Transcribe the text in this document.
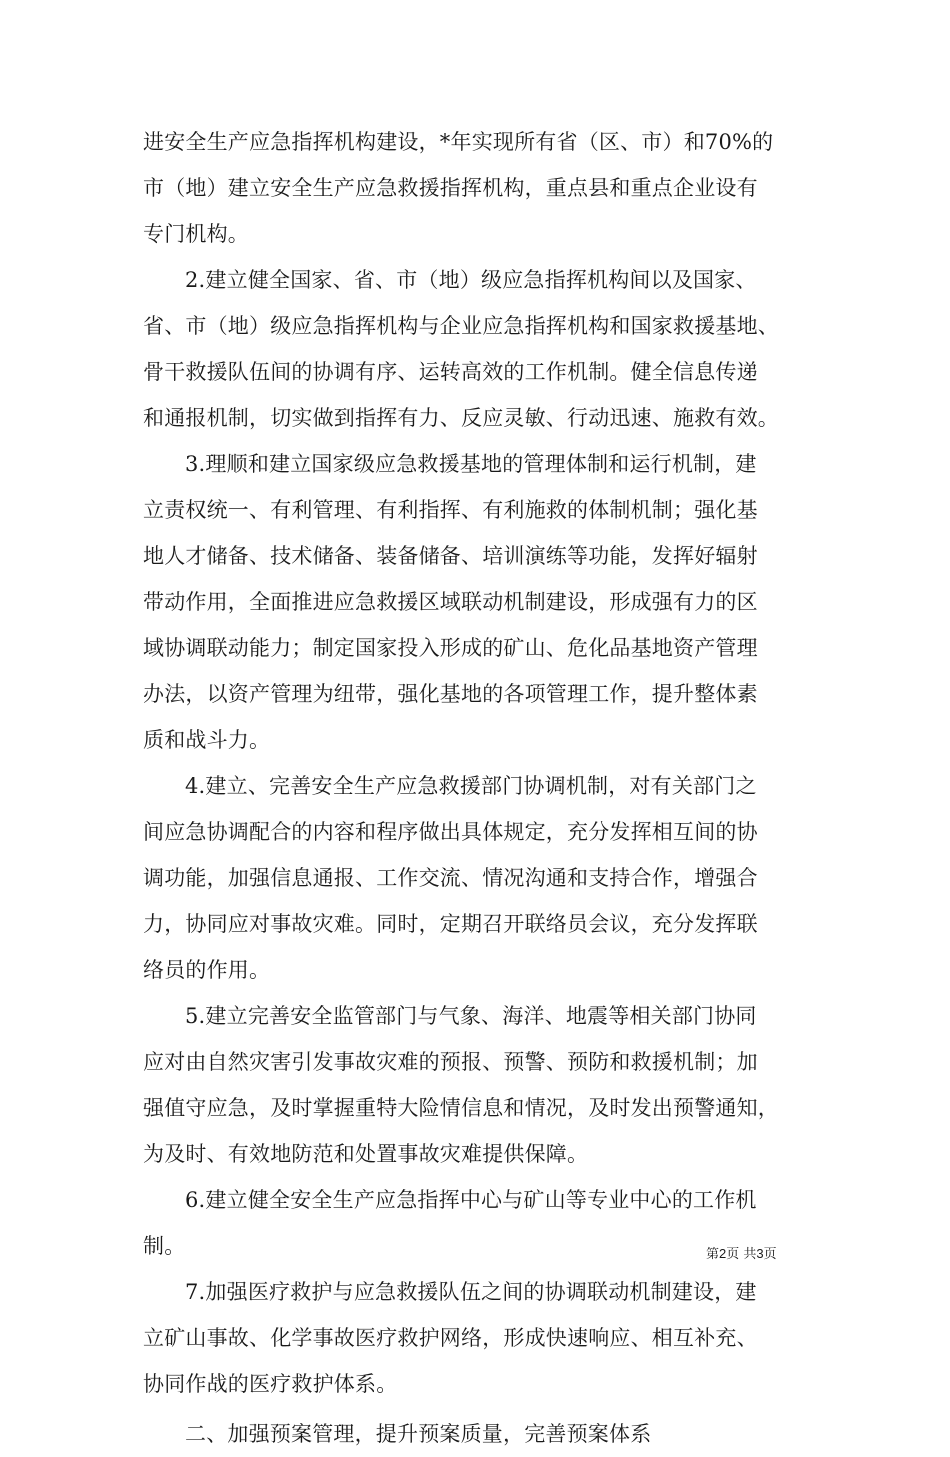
进安全生产应急指挥机构建设，*年实现所有省（区、市）和70%的
市（地）建立安全生产应急救援指挥机构，重点县和重点企业设有
专门机构。
2.建立健全国家、省、市（地）级应急指挥机构间以及国家、
省、市（地）级应急指挥机构与企业应急指挥机构和国家救援基地、
骨干救援队伍间的协调有序、运转高效的工作机制。健全信息传递
和通报机制，切实做到指挥有力、反应灵敏、行动迅速、施救有效。
3.理顺和建立国家级应急救援基地的管理体制和运行机制，建
立责权统一、有利管理、有利指挥、有利施救的体制机制；强化基
地人才储备、技术储备、装备储备、培训演练等功能，发挥好辐射
带动作用，全面推进应急救援区域联动机制建设，形成强有力的区
域协调联动能力；制定国家投入形成的矿山、危化品基地资产管理
办法，以资产管理为纽带，强化基地的各项管理工作，提升整体素
质和战斗力。
4.建立、完善安全生产应急救援部门协调机制，对有关部门之
间应急协调配合的内容和程序做出具体规定，充分发挥相互间的协
调功能，加强信息通报、工作交流、情况沟通和支持合作，增强合
力，协同应对事故灾难。同时，定期召开联络员会议，充分发挥联
络员的作用。
5.建立完善安全监管部门与气象、海洋、地震等相关部门协同
应对由自然灾害引发事故灾难的预报、预警、预防和救援机制；加
强值守应急，及时掌握重特大险情信息和情况，及时发出预警通知，
为及时、有效地防范和处置事故灾难提供保障。
6.建立健全安全生产应急指挥中心与矿山等专业中心的工作机
制。
7.加强医疗救护与应急救援队伍之间的协调联动机制建设，建
立矿山事故、化学事故医疗救护网络，形成快速响应、相互补充、
协同作战的医疗救护体系。
二、加强预案管理，提升预案质量，完善预案体系
第2页 共3页
